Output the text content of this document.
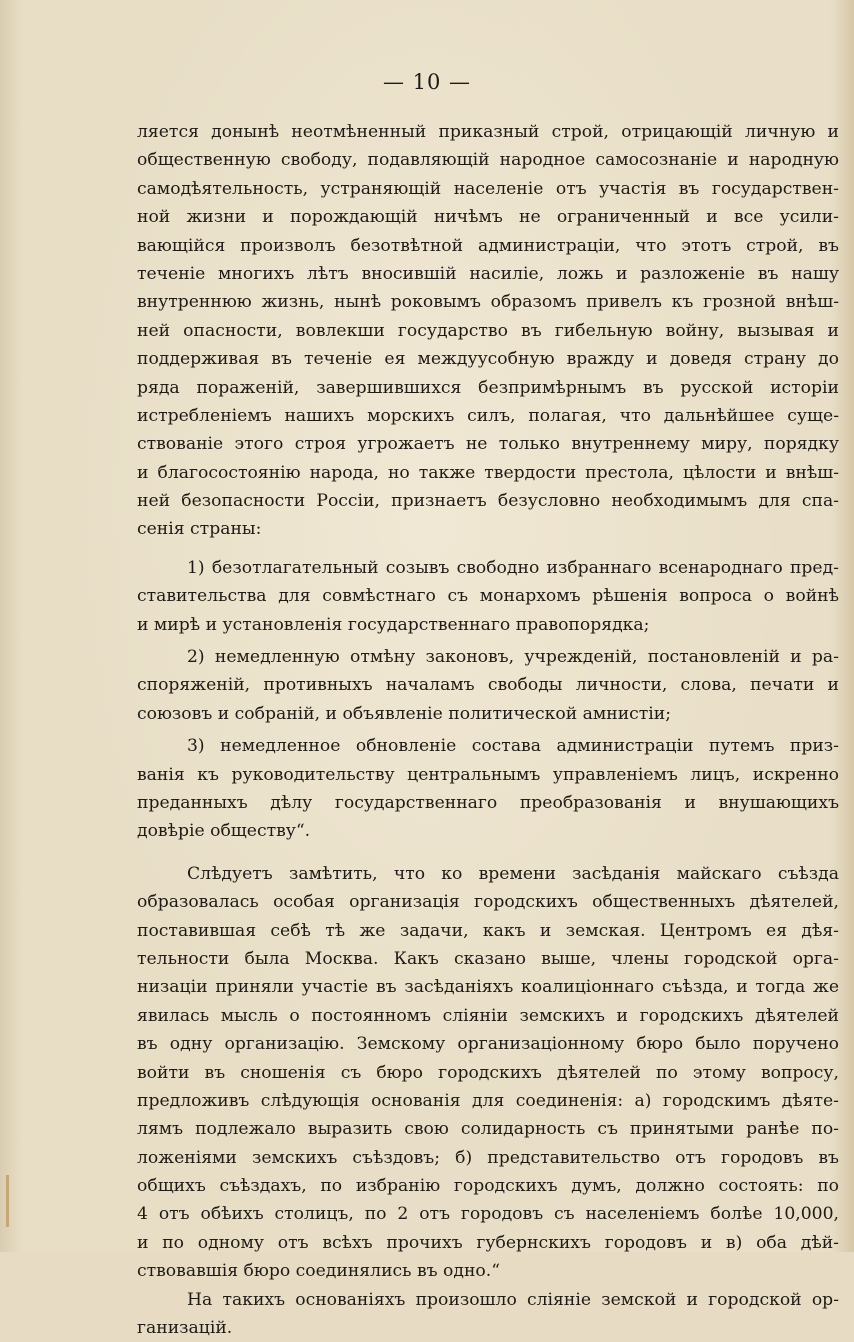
— 10 —
ляется донынѣ неотмѣненный приказный строй, отрицающій личную и
общественную свободу, подавляющій народное самосознаніе и народную
самодѣятельность, устраняющій населеніе отъ участія въ государствен-
ной жизни и порождающій ничѣмъ не ограниченный и все усили-
вающійся произволъ безотвѣтной администраціи, что этотъ строй, въ
теченіе многихъ лѣтъ вносившій насиліе, ложь и разложеніе въ нашу
внутреннюю жизнь, нынѣ роковымъ образомъ привелъ къ грозной внѣш-
ней опасности, вовлекши государство въ гибельную войну, вызывая и
поддерживая въ теченіе ея междуусобную вражду и доведя страну до
ряда пораженій, завершившихся безпримѣрнымъ въ русской исторіи
истребленіемъ нашихъ морскихъ силъ, полагая, что дальнѣйшее суще-
ствованіе этого строя угрожаетъ не только внутреннему миру, порядку
и благосостоянію народа, но также твердости престола, цѣлости и внѣш-
ней безопасности Россіи, признаетъ безусловно необходимымъ для спа-
сенія страны:
1) безотлагательный созывъ свободно избраннаго всенароднаго пред-
ставительства для совмѣстнаго съ монархомъ рѣшенія вопроса о войнѣ
и мирѣ и установленія государственнаго правопорядка;
2) немедленную отмѣну законовъ, учрежденій, постановленій и ра-
споряженій, противныхъ началамъ свободы личности, слова, печати и
союзовъ и собраній, и объявленіе политической амнистіи;
3) немедленное обновленіе состава администраціи путемъ приз-
ванія къ руководительству центральнымъ управленіемъ лицъ, искренно
преданныхъ дѣлу государственнаго преобразованія и внушающихъ
довѣріе обществу“.
Слѣдуетъ замѣтить, что ко времени засѣданія майскаго съѣзда
образовалась особая организація городскихъ общественныхъ дѣятелей,
поставившая себѣ тѣ же задачи, какъ и земская. Центромъ ея дѣя-
тельности была Москва. Какъ сказано выше, члены городской орга-
низаціи приняли участіе въ засѣданіяхъ коалиціоннаго съѣзда, и тогда же
явилась мысль о постоянномъ сліяніи земскихъ и городскихъ дѣятелей
въ одну организацію. Земскому организаціонному бюро было поручено
войти въ сношенія съ бюро городскихъ дѣятелей по этому вопросу,
предложивъ слѣдующія основанія для соединенія: а) городскимъ дѣяте-
лямъ подлежало выразить свою солидарность съ принятыми ранѣе по-
ложеніями земскихъ съѣздовъ; б) представительство отъ городовъ въ
общихъ съѣздахъ, по избранію городскихъ думъ, должно состоять: по
4 отъ обѣихъ столицъ, по 2 отъ городовъ съ населеніемъ болѣе 10,000,
и по одному отъ всѣхъ прочихъ губернскихъ городовъ и в) оба дѣй-
ствовавшія бюро соединялись въ одно.“
На такихъ основаніяхъ произошло сліяніе земской и городской ор-
ганизацій.
